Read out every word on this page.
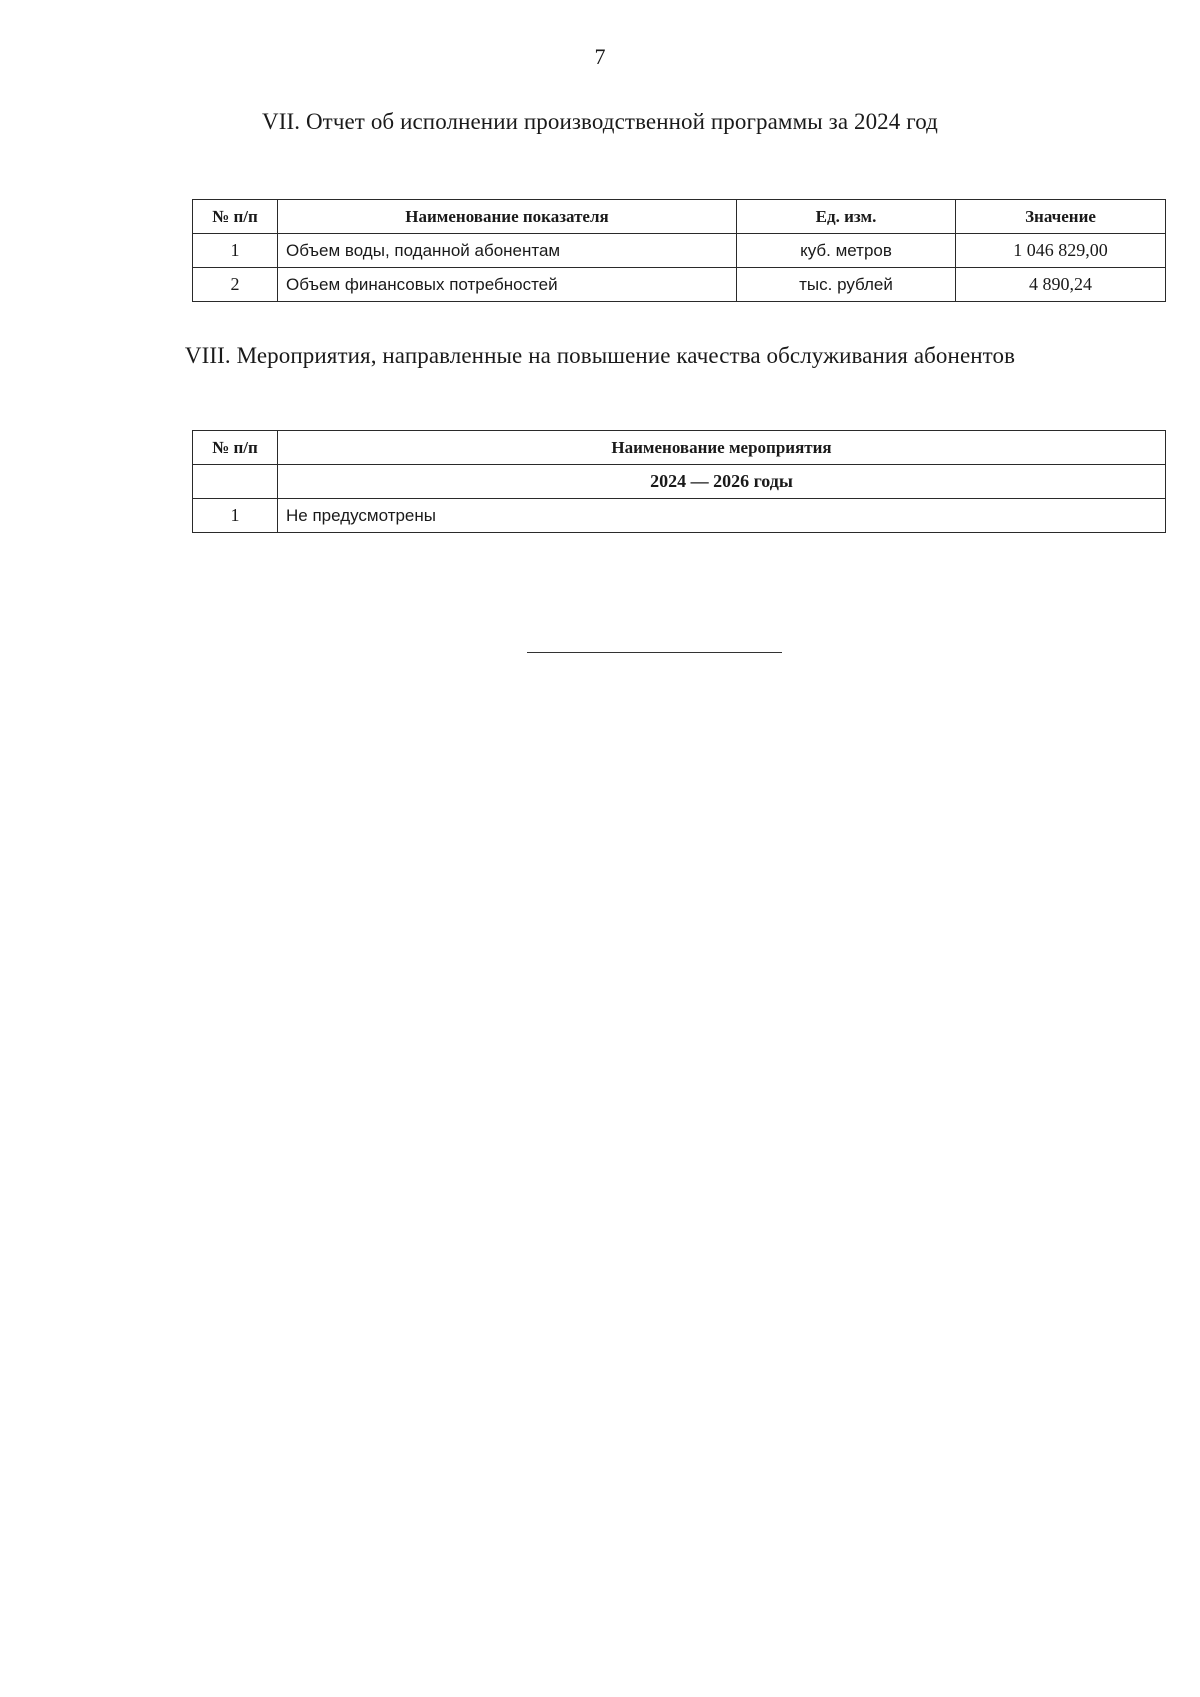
7
VII. Отчет об исполнении производственной программы за 2024 год
№ п/п	Наименование показателя	Ед. изм.	Значение
1	Объем воды, поданной абонентам	куб. метров	1 046 829,00
2	Объем финансовых потребностей	тыс. рублей	4 890,24
VIII. Мероприятия, направленные на повышение качества обслуживания абонентов
№ п/п	Наименование мероприятия
	2024 — 2026 годы
1	Не предусмотрены
